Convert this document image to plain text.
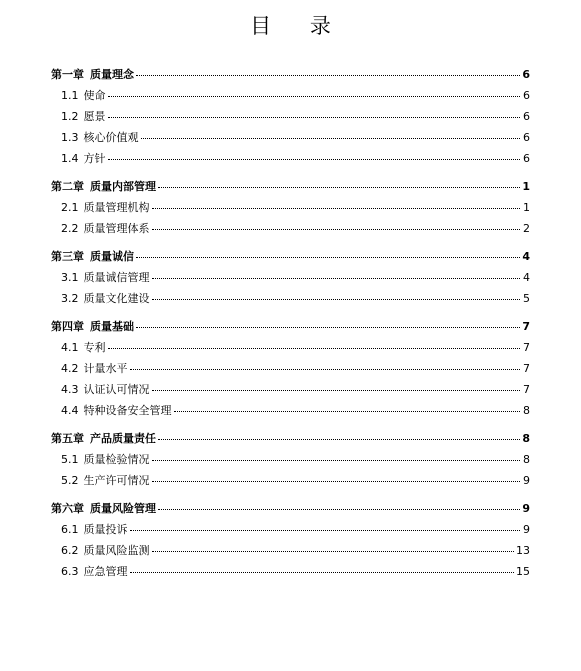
目 录
第一章 质量理念	6
1.1 使命	6
1.2 愿景	6
1.3 核心价值观	6
1.4 方针	6
第二章 质量内部管理	1
2.1 质量管理机构	1
2.2 质量管理体系	2
第三章 质量诚信	4
3.1 质量诚信管理	4
3.2 质量文化建设	5
第四章 质量基础	7
4.1 专利	7
4.2 计量水平	7
4.3 认证认可情况	7
4.4 特种设备安全管理	8
第五章 产品质量责任	8
5.1 质量检验情况	8
5.2 生产许可情况	9
第六章 质量风险管理	9
6.1 质量投诉	9
6.2 质量风险监测	13
6.3 应急管理	15
